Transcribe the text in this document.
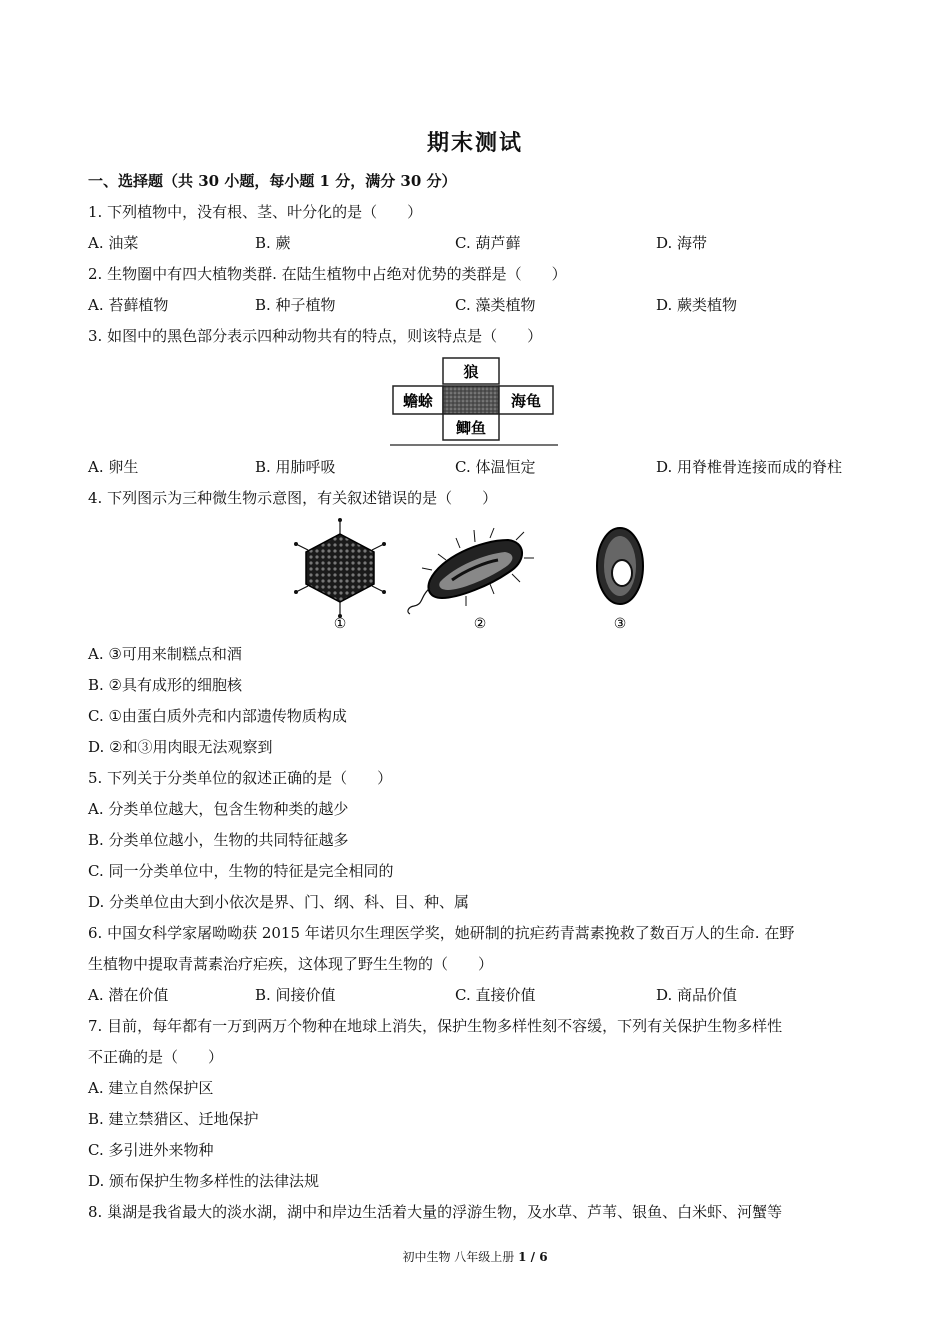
期末测试
一、选择题（共 30 小题，每小题 1 分，满分 30 分）
1. 下列植物中，没有根、茎、叶分化的是（　　）
A. 油菜	B. 蕨	C. 葫芦藓	D. 海带
2. 生物圈中有四大植物类群. 在陆生植物中占绝对优势的类群是（　　）
A. 苔藓植物	B. 种子植物	C. 藻类植物	D. 蕨类植物
3. 如图中的黑色部分表示四种动物共有的特点，则该特点是（　　）
狼
蟾蜍	海龟
鲫鱼
A. 卵生	B. 用肺呼吸	C. 体温恒定	D. 用脊椎骨连接而成的脊柱
4. 下列图示为三种微生物示意图，有关叙述错误的是（　　）
①	②	③
A. ③可用来制糕点和酒
B. ②具有成形的细胞核
C. ①由蛋白质外壳和内部遗传物质构成
D. ②和③用肉眼无法观察到
5. 下列关于分类单位的叙述正确的是（　　）
A. 分类单位越大，包含生物种类的越少
B. 分类单位越小，生物的共同特征越多
C. 同一分类单位中，生物的特征是完全相同的
D. 分类单位由大到小依次是界、门、纲、科、目、种、属
6. 中国女科学家屠呦呦获 2015 年诺贝尔生理医学奖，她研制的抗疟药青蒿素挽救了数百万人的生命. 在野
生植物中提取青蒿素治疗疟疾，这体现了野生生物的（　　）
A. 潜在价值	B. 间接价值	C. 直接价值	D. 商品价值
7. 目前，每年都有一万到两万个物种在地球上消失，保护生物多样性刻不容缓，下列有关保护生物多样性
不正确的是（　　）
A. 建立自然保护区
B. 建立禁猎区、迁地保护
C. 多引进外来物种
D. 颁布保护生物多样性的法律法规
8. 巢湖是我省最大的淡水湖，湖中和岸边生活着大量的浮游生物，及水草、芦苇、银鱼、白米虾、河蟹等
初中生物 八年级上册 1 / 6
